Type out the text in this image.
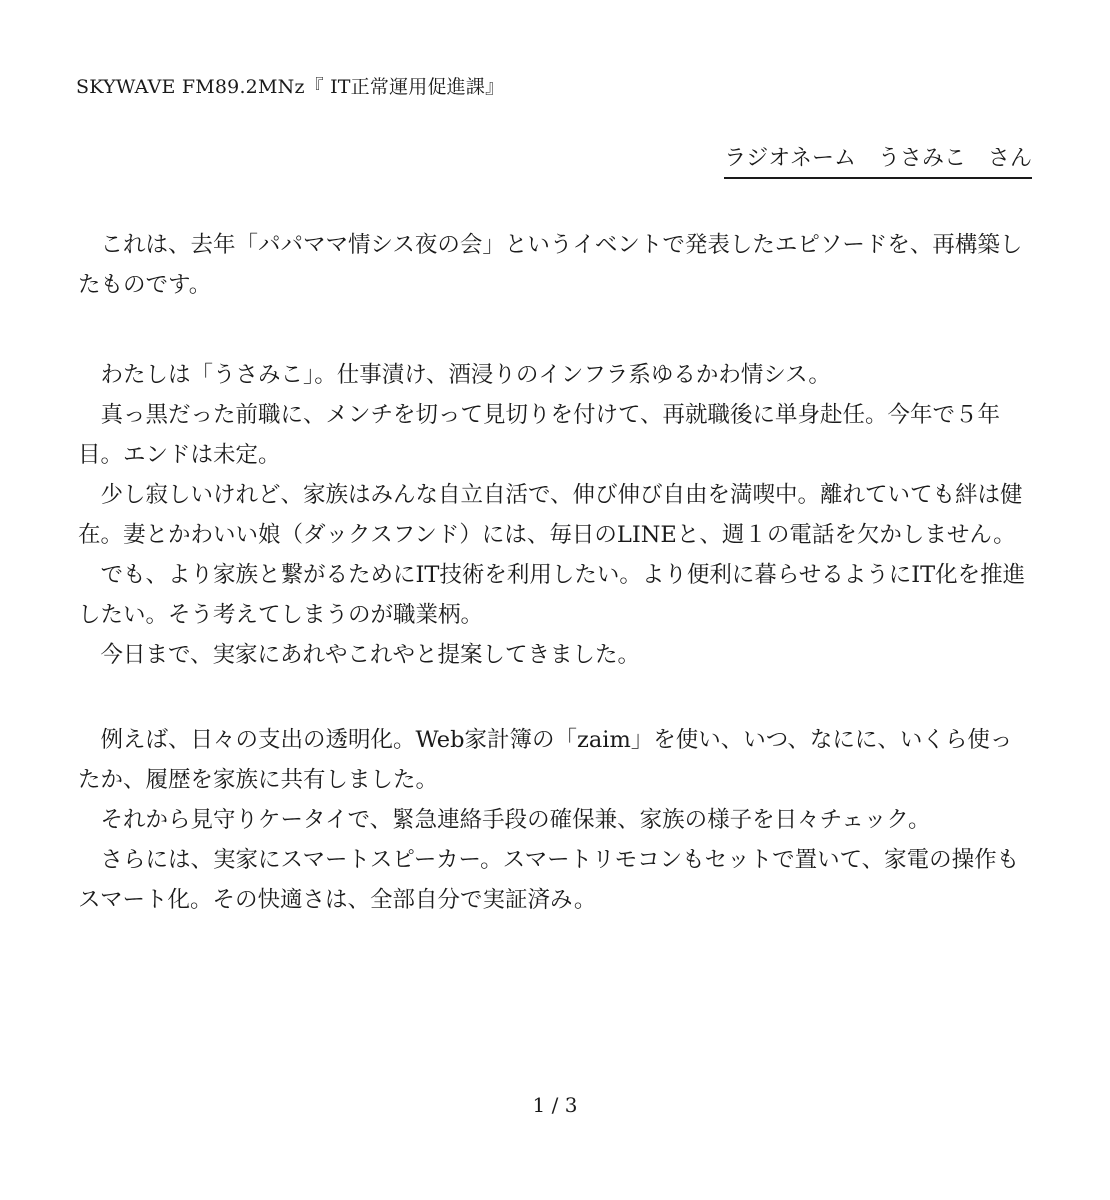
SKYWAVE FM89.2MNz『 IT正常運用促進課』
ラジオネーム うさみこ さん

これは、去年「パパママ情シス夜の会」というイベントで発表したエピソードを、再構築したものです。

わたしは「うさみこ」。仕事漬け、酒浸りのインフラ系ゆるかわ情シス。

真っ黒だった前職に、メンチを切って見切りを付けて、再就職後に単身赴任。今年で５年目。エンドは未定。

少し寂しいけれど、家族はみんな自立自活で、伸び伸び自由を満喫中。離れていても絆は健在。妻とかわいい娘（ダックスフンド）には、毎日のLINEと、週１の電話を欠かしません。

でも、より家族と繋がるためにIT技術を利用したい。より便利に暮らせるようにIT化を推進したい。そう考えてしまうのが職業柄。

今日まで、実家にあれやこれやと提案してきました。

例えば、日々の支出の透明化。Web家計簿の「zaim」を使い、いつ、なにに、いくら使ったか、履歴を家族に共有しました。

それから見守りケータイで、緊急連絡手段の確保兼、家族の様子を日々チェック。

さらには、実家にスマートスピーカー。スマートリモコンもセットで置いて、家電の操作もスマート化。その快適さは、全部自分で実証済み。

1 / 3
